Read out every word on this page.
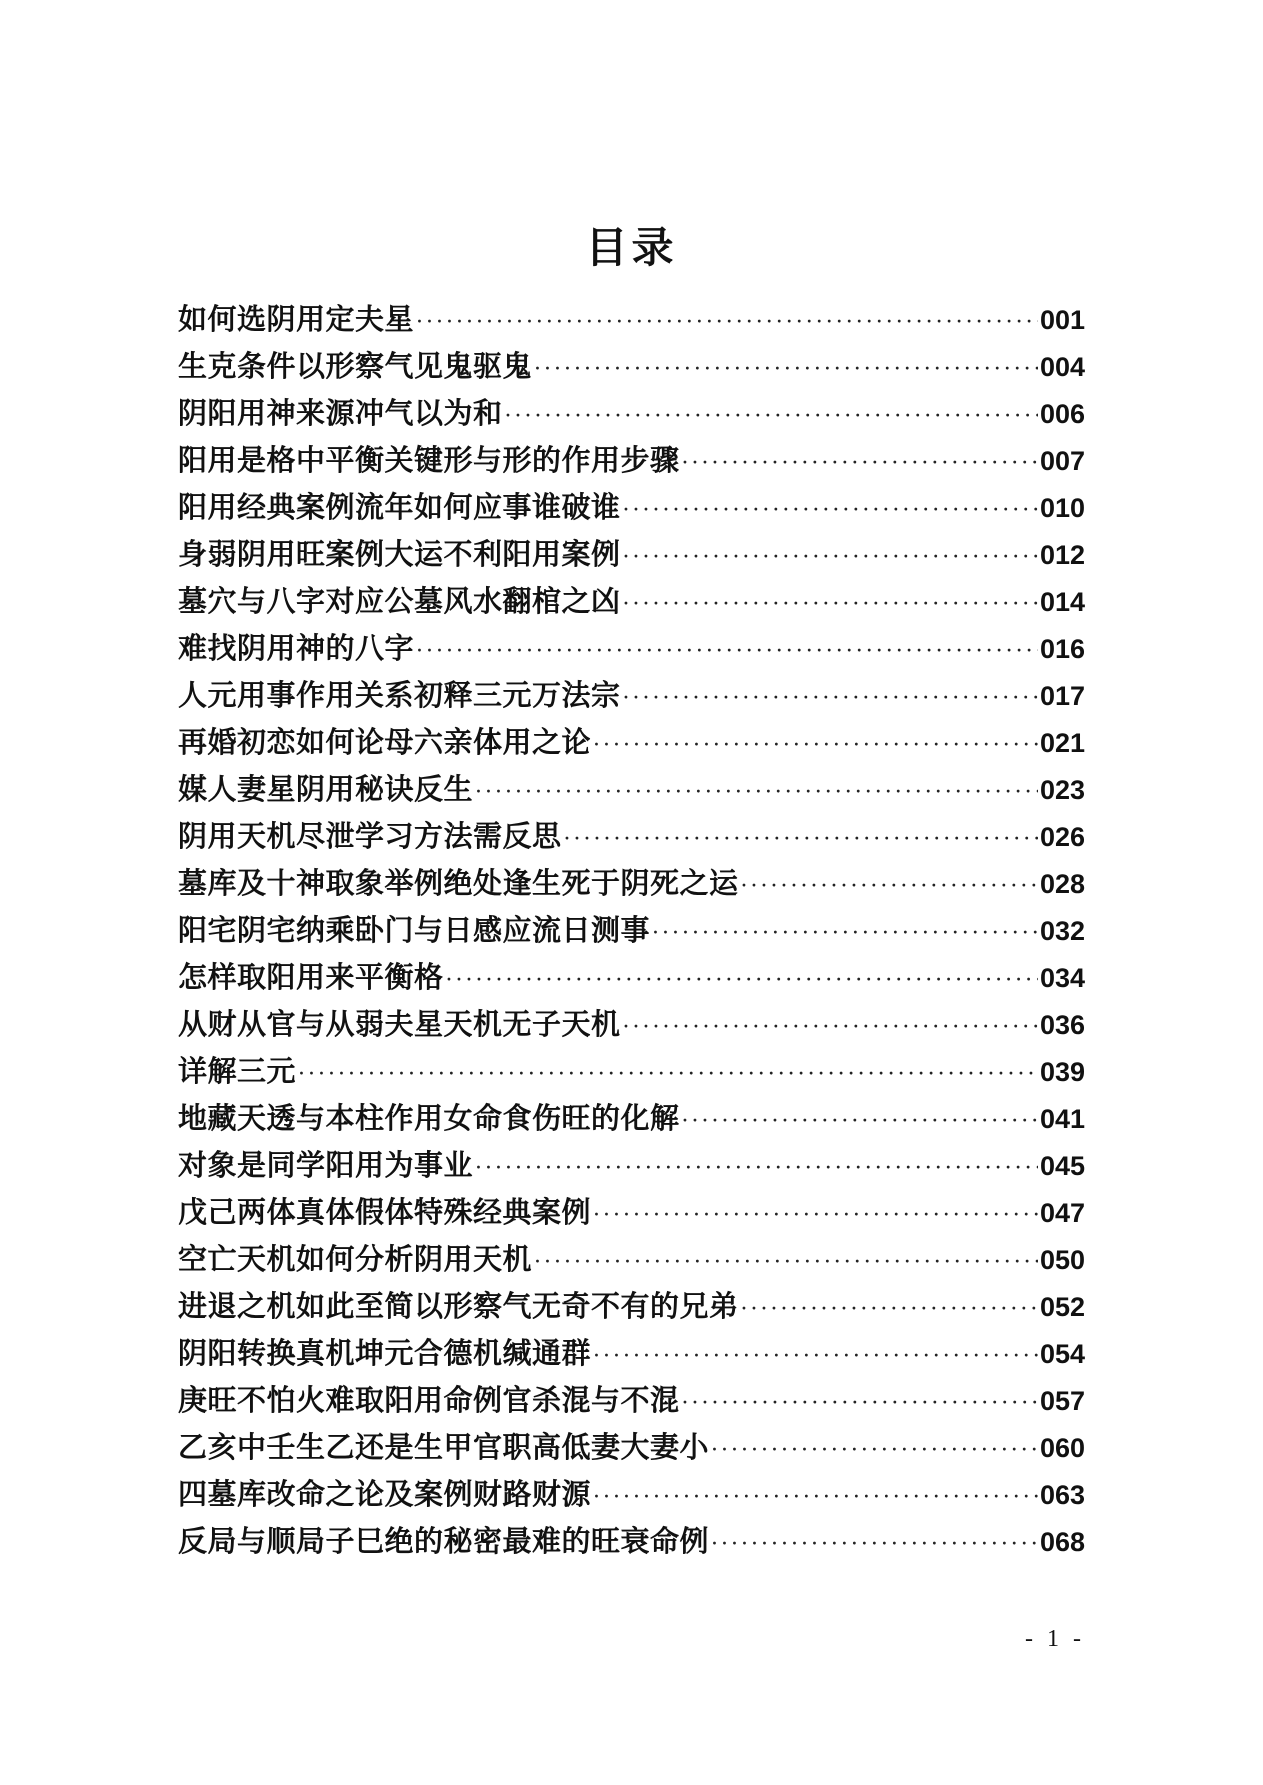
目录
如何选阴用定夫星 ·····	001
生克条件以形察气见鬼驱鬼 ·····	004
阴阳用神来源冲气以为和 ·····	006
阳用是格中平衡关键形与形的作用步骤 ·····	007
阳用经典案例流年如何应事谁破谁 ·····	010
身弱阴用旺案例大运不利阳用案例 ·····	012
墓穴与八字对应公墓风水翻棺之凶 ·····	014
难找阴用神的八字 ·····	016
人元用事作用关系初释三元万法宗 ·····	017
再婚初恋如何论母六亲体用之论 ·····	021
媒人妻星阴用秘诀反生 ·····	023
阴用天机尽泄学习方法需反思 ·····	026
墓库及十神取象举例绝处逢生死于阴死之运 ·····	028
阳宅阴宅纳乘卧门与日感应流日测事 ·····	032
怎样取阳用来平衡格 ·····	034
从财从官与从弱夫星天机无子天机 ·····	036
详解三元 ·····	039
地藏天透与本柱作用女命食伤旺的化解 ·····	041
对象是同学阳用为事业 ·····	045
戊己两体真体假体特殊经典案例 ·····	047
空亡天机如何分析阴用天机 ·····	050
进退之机如此至简以形察气无奇不有的兄弟 ·····	052
阴阳转换真机坤元合德机缄通群 ·····	054
庚旺不怕火难取阳用命例官杀混与不混 ·····	057
乙亥中壬生乙还是生甲官职高低妻大妻小 ·····	060
四墓库改命之论及案例财路财源 ·····	063
反局与顺局子巳绝的秘密最难的旺衰命例 ·····	068
- 1 -
